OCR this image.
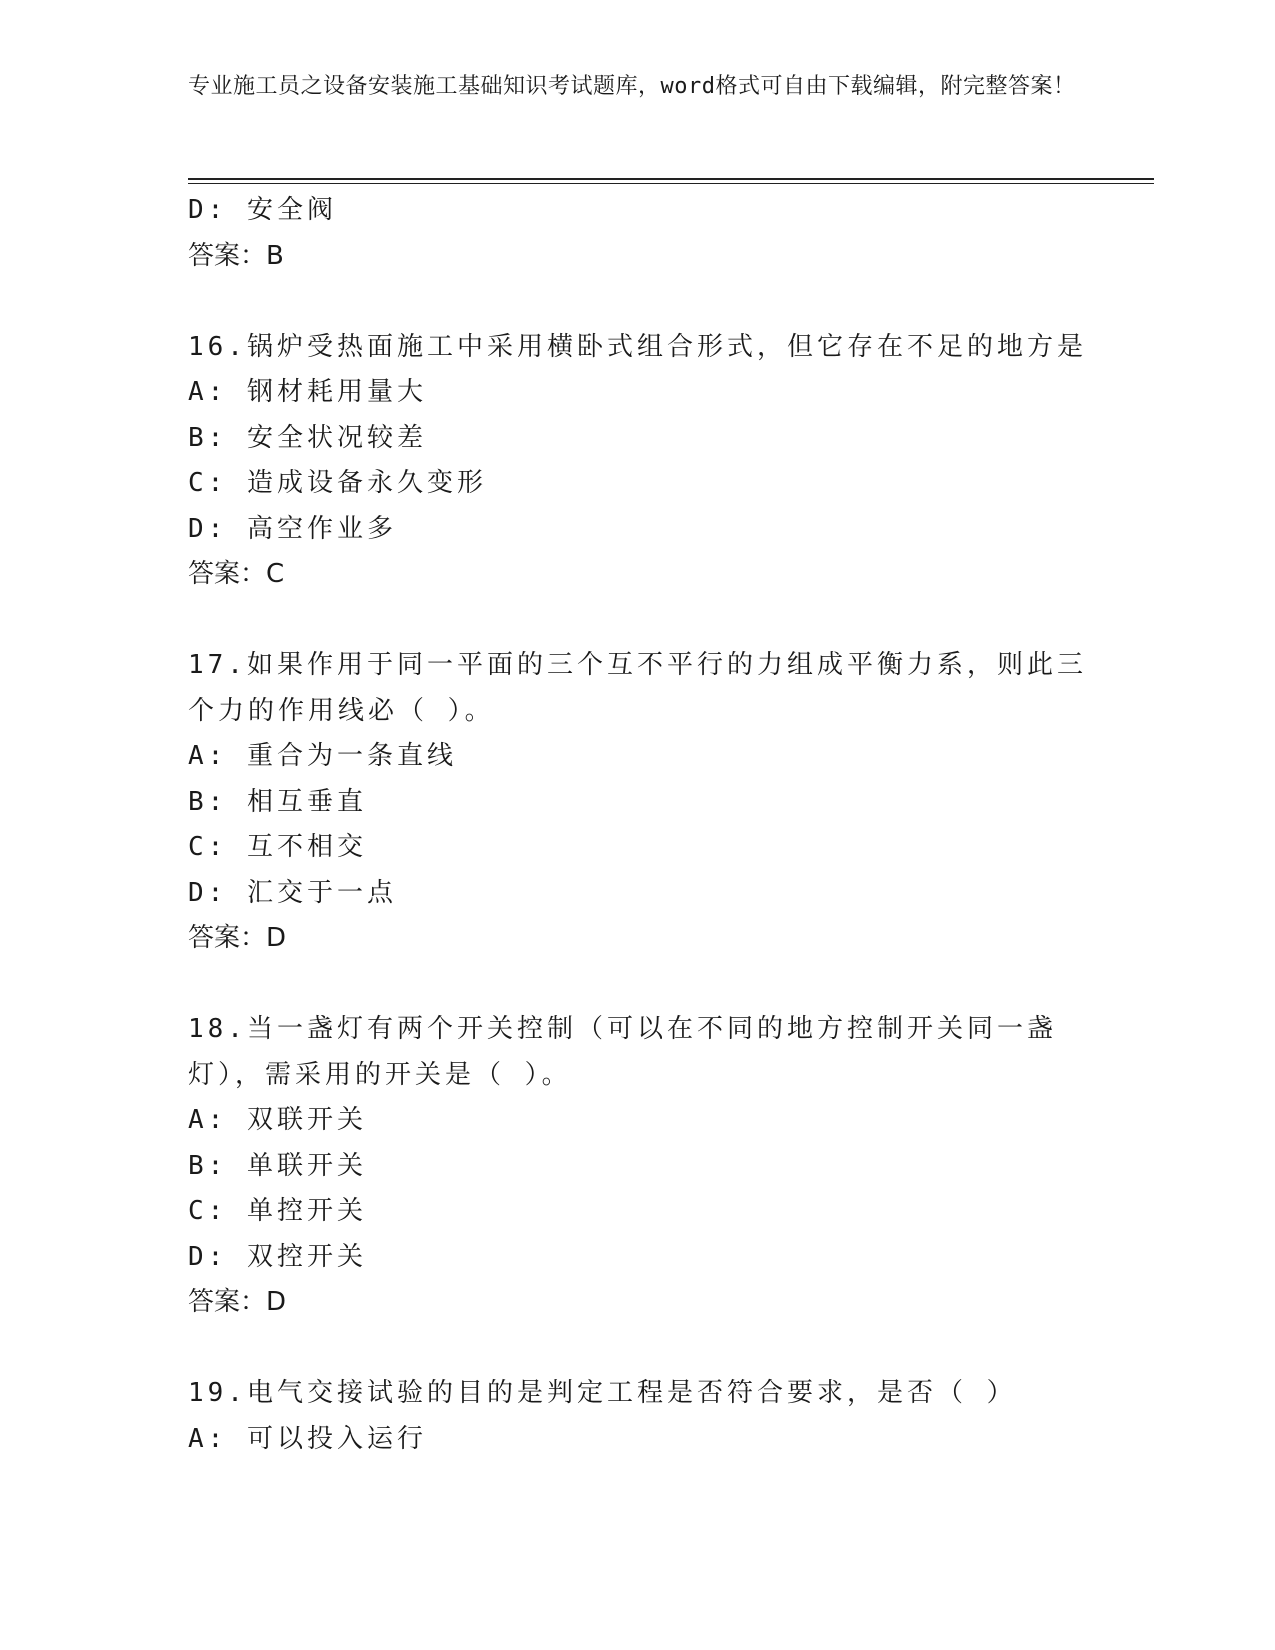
专业施工员之设备安装施工基础知识考试题库，word格式可自由下载编辑，附完整答案！
D: 安全阀
答案：B
16.锅炉受热面施工中采用横卧式组合形式，但它存在不足的地方是
A: 钢材耗用量大
B: 安全状况较差
C: 造成设备永久变形
D: 高空作业多
答案：C
17.如果作用于同一平面的三个互不平行的力组成平衡力系，则此三个力的作用线必（ ）。
A: 重合为一条直线
B: 相互垂直
C: 互不相交
D: 汇交于一点
答案：D
18.当一盏灯有两个开关控制（可以在不同的地方控制开关同一盏灯），需采用的开关是（ ）。
A: 双联开关
B: 单联开关
C: 单控开关
D: 双控开关
答案：D
19.电气交接试验的目的是判定工程是否符合要求，是否（ ）
A: 可以投入运行
